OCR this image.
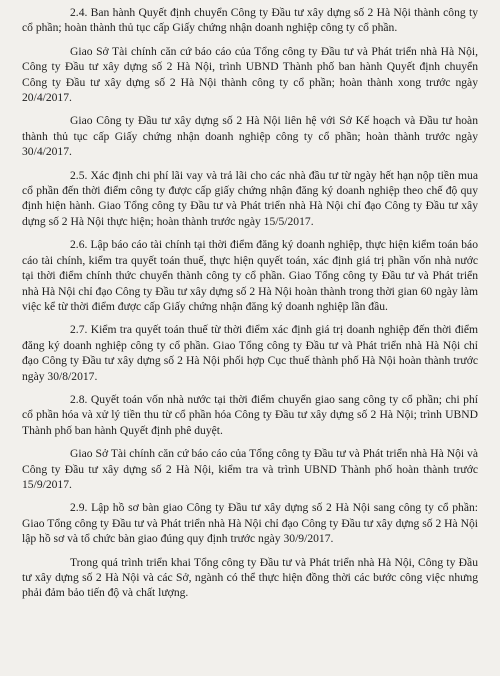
2.4. Ban hành Quyết định chuyển Công ty Đầu tư xây dựng số 2 Hà Nội thành công ty cổ phần; hoàn thành thủ tục cấp Giấy chứng nhận doanh nghiệp công ty cổ phần.

Giao Sở Tài chính căn cứ báo cáo của Tổng công ty Đầu tư và Phát triển nhà Hà Nội, Công ty Đầu tư xây dựng số 2 Hà Nội, trình UBND Thành phố ban hành Quyết định chuyển Công ty Đầu tư xây dựng số 2 Hà Nội thành công ty cổ phần; hoàn thành xong trước ngày 20/4/2017.

Giao Công ty Đầu tư xây dựng số 2 Hà Nội liên hệ với Sở Kế hoạch và Đầu tư hoàn thành thủ tục cấp Giấy chứng nhận doanh nghiệp công ty cổ phần; hoàn thành trước ngày 30/4/2017.

2.5. Xác định chi phí lãi vay và trả lãi cho các nhà đầu tư từ ngày hết hạn nộp tiền mua cổ phần đến thời điểm công ty được cấp giấy chứng nhận đăng ký doanh nghiệp theo chế độ quy định hiện hành. Giao Tổng công ty Đầu tư và Phát triển nhà Hà Nội chỉ đạo Công ty Đầu tư xây dựng số 2 Hà Nội thực hiện; hoàn thành trước ngày 15/5/2017.

2.6. Lập báo cáo tài chính tại thời điểm đăng ký doanh nghiệp, thực hiện kiểm toán báo cáo tài chính, kiểm tra quyết toán thuế, thực hiện quyết toán, xác định giá trị phần vốn nhà nước tại thời điểm chính thức chuyển thành công ty cổ phần. Giao Tổng công ty Đầu tư và Phát triển nhà Hà Nội chỉ đạo Công ty Đầu tư xây dựng số 2 Hà Nội hoàn thành trong thời gian 60 ngày làm việc kể từ thời điểm được cấp Giấy chứng nhận đăng ký doanh nghiệp lần đầu.

2.7. Kiểm tra quyết toán thuế từ thời điểm xác định giá trị doanh nghiệp đến thời điểm đăng ký doanh nghiệp công ty cổ phần. Giao Tổng công ty Đầu tư và Phát triển nhà Hà Nội chỉ đạo Công ty Đầu tư xây dựng số 2 Hà Nội phối hợp Cục thuế thành phố Hà Nội hoàn thành trước ngày 30/8/2017.

2.8. Quyết toán vốn nhà nước tại thời điểm chuyển giao sang công ty cổ phần; chi phí cổ phần hóa và xử lý tiền thu từ cổ phần hóa Công ty Đầu tư xây dựng số 2 Hà Nội; trình UBND Thành phố ban hành Quyết định phê duyệt.

Giao Sở Tài chính căn cứ báo cáo của Tổng công ty Đầu tư và Phát triển nhà Hà Nội và Công ty Đầu tư xây dựng số 2 Hà Nội, kiểm tra và trình UBND Thành phố hoàn thành trước 15/9/2017.

2.9. Lập hồ sơ bàn giao Công ty Đầu tư xây dựng số 2 Hà Nội sang công ty cổ phần: Giao Tổng công ty Đầu tư và Phát triển nhà Hà Nội chỉ đạo Công ty Đầu tư xây dựng số 2 Hà Nội lập hồ sơ và tổ chức bàn giao đúng quy định trước ngày 30/9/2017.

Trong quá trình triển khai Tổng công ty Đầu tư và Phát triển nhà Hà Nội, Công ty Đầu tư xây dựng số 2 Hà Nội và các Sở, ngành có thể thực hiện đồng thời các bước công việc nhưng phải đảm bảo tiến độ và chất lượng.
